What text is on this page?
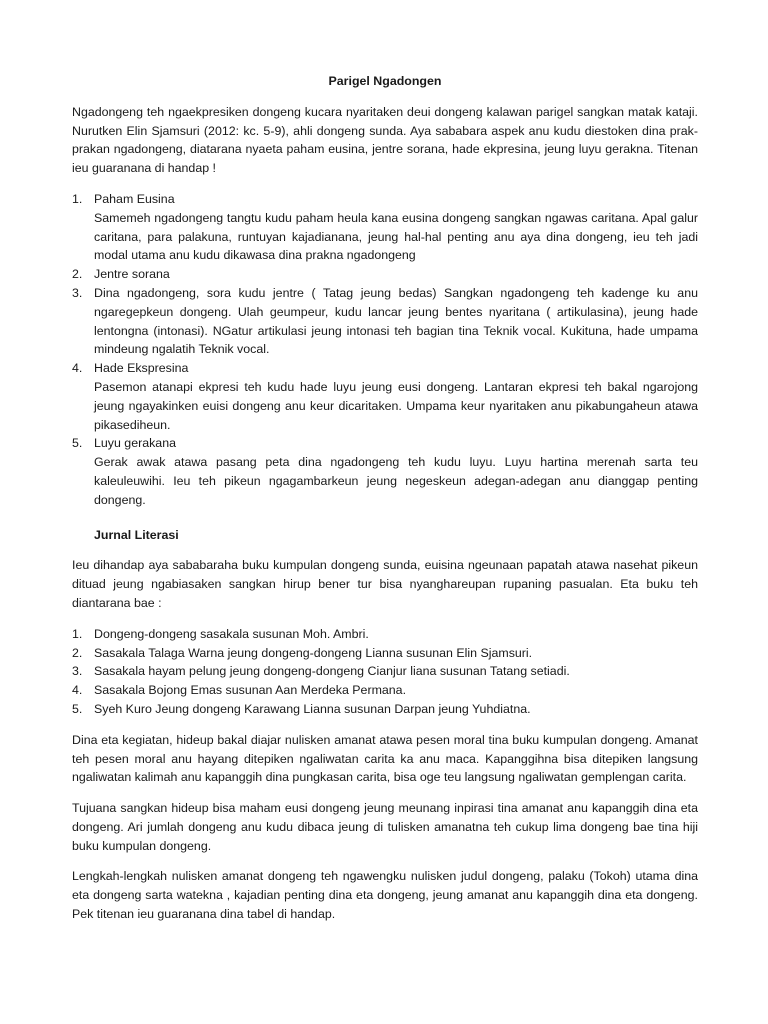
Parigel Ngadongen

Ngadongeng teh ngaekpresiken dongeng kucara nyaritaken deui dongeng kalawan parigel sangkan matak kataji. Nurutken Elin Sjamsuri (2012: kc. 5-9), ahli dongeng sunda. Aya sababara aspek anu kudu diestoken dina prak-prakan ngadongeng, diatarana nyaeta paham eusina, jentre sorana, hade ekpresina, jeung luyu gerakna. Titenan ieu guaranana di handap !

1. Paham Eusina
Samemeh ngadongeng tangtu kudu paham heula kana eusina dongeng sangkan ngawas caritana. Apal galur caritana, para palakuna, runtuyan kajadianana, jeung hal-hal penting anu aya dina dongeng, ieu teh jadi modal utama anu kudu dikawasa dina prakna ngadongeng
2. Jentre sorana
3. Dina ngadongeng, sora kudu jentre ( Tatag jeung bedas) Sangkan ngadongeng teh kadenge ku anu ngaregepkeun dongeng. Ulah geumpeur, kudu lancar jeung bentes nyaritana ( artikulasina), jeung hade lentongna (intonasi). NGatur artikulasi jeung intonasi teh bagian tina Teknik vocal. Kukituna, hade umpama mindeung ngalatih Teknik vocal.
4. Hade Ekspresina
Pasemon atanapi ekpresi teh kudu hade luyu jeung eusi dongeng. Lantaran ekpresi teh bakal ngarojong jeung ngayakinken euisi dongeng anu keur dicaritaken. Umpama keur nyaritaken anu pikabungaheun atawa pikasediheun.
5. Luyu gerakana
Gerak awak atawa pasang peta dina ngadongeng teh kudu luyu. Luyu hartina merenah sarta teu kaleuleuwihi. Ieu teh pikeun ngagambarkeun jeung negeskeun adegan-adegan anu dianggap penting dongeng.
Jurnal Literasi

Ieu dihandap aya sababaraha buku kumpulan dongeng sunda, euisina ngeunaan papatah atawa nasehat pikeun dituad jeung ngabiasaken sangkan hirup bener tur bisa nyanghareupan rupaning pasualan. Eta buku teh diantarana bae :

1. Dongeng-dongeng sasakala susunan Moh. Ambri.
2. Sasakala Talaga Warna jeung dongeng-dongeng Lianna susunan Elin Sjamsuri.
3. Sasakala hayam pelung jeung dongeng-dongeng Cianjur liana susunan Tatang setiadi.
4. Sasakala Bojong Emas susunan Aan Merdeka Permana.
5. Syeh Kuro Jeung dongeng Karawang Lianna susunan Darpan jeung Yuhdiatna.

Dina eta kegiatan, hideup bakal diajar nulisken amanat atawa pesen moral tina buku kumpulan dongeng. Amanat teh pesen moral anu hayang ditepiken ngaliwatan carita ka anu maca. Kapanggihna bisa ditepiken langsung ngaliwatan kalimah anu kapanggih dina pungkasan carita, bisa oge teu langsung ngaliwatan gemplengan carita.

Tujuana sangkan hideup bisa maham eusi dongeng jeung meunang inpirasi tina amanat anu kapanggih dina eta dongeng. Ari jumlah dongeng anu kudu dibaca jeung di tulisken amanatna teh cukup lima dongeng bae tina hiji buku kumpulan dongeng.

Lengkah-lengkah nulisken amanat dongeng teh ngawengku nulisken judul dongeng, palaku (Tokoh) utama dina eta dongeng sarta watekna , kajadian penting dina eta dongeng, jeung amanat anu kapanggih dina eta dongeng. Pek titenan ieu guaranana dina tabel di handap.
